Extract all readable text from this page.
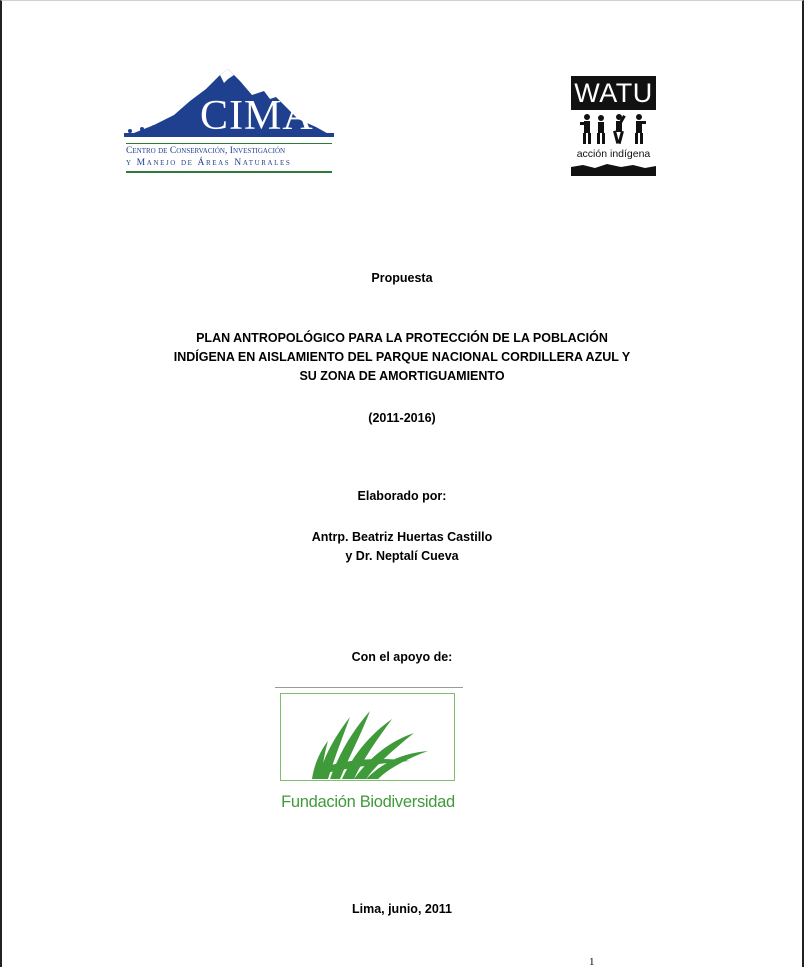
CIMA
Centro de Conservación, Investigación
y Manejo de Áreas Naturales
WATU
acción indígena
Propuesta
PLAN ANTROPOLÓGICO PARA LA PROTECCIÓN DE LA POBLACIÓN
INDÍGENA EN AISLAMIENTO DEL PARQUE NACIONAL CORDILLERA AZUL Y
SU ZONA DE AMORTIGUAMIENTO
(2011-2016)
Elaborado por:
Antrp. Beatriz Huertas Castillo
y Dr. Neptalí Cueva
Con el apoyo de:
Fundación Biodiversidad
Lima, junio, 2011
1
